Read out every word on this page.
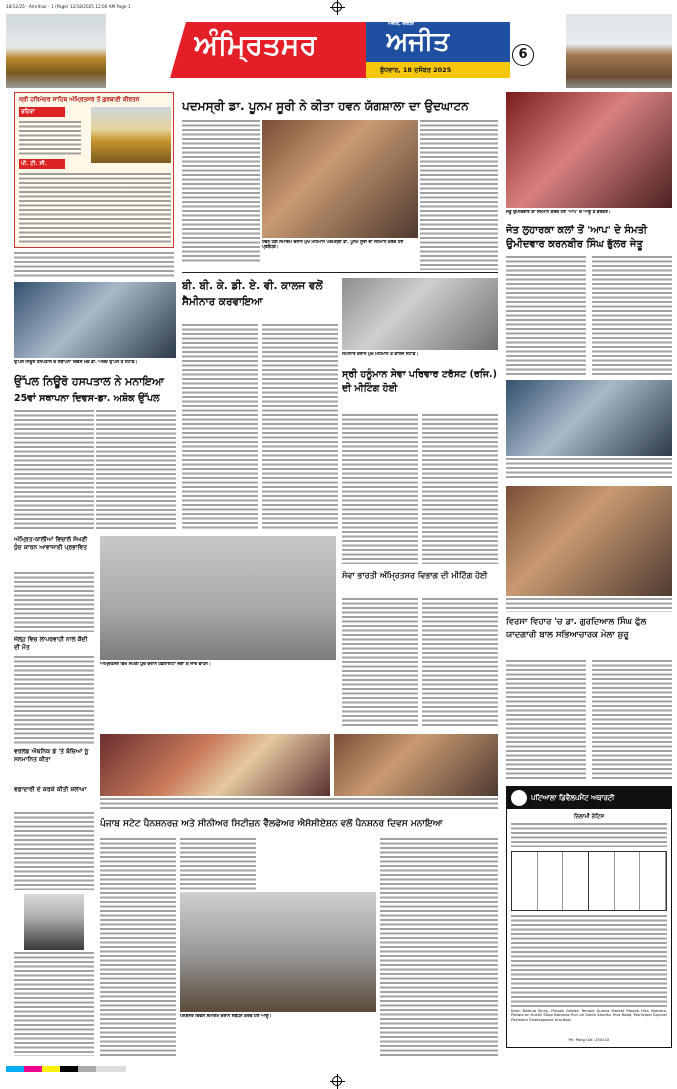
18/12/25 - Amritsar - 1 (Page) 12/18/2025 12:00 AM Page 1
ਅੰਮ੍ਰਿਤਸਰ	ਅਜੀਤ
ਅਜੀਤ, ਜਲੰਧਰ
ਬੁੱਧਵਾਰ, 18 ਦਸੰਬਰ 2025
6
ਸ੍ਰੀ ਹਰਿਮੰਦਰ ਸਾਹਿਬ ਅੰਮ੍ਰਿਤਸਰ ਤੋਂ ਗੁਰਬਾਣੀ ਕੀਰਤਨ
ਰਹਿਰਾ
ਪੀ. ਟੀ. ਸੀ.
ਪਦਮਸ੍ਰੀ ਡਾ. ਪੂਨਮ ਸੂਰੀ ਨੇ ਕੀਤਾ ਹਵਨ ਯੱਗਸ਼ਾਲਾ ਦਾ ਉਦਘਾਟਨ
ਹਵਨ ਯੱਗ ਸਮਾਗਮ ਦੌਰਾਨ ਮੁੱਖ ਮਹਿਮਾਨ ਪਦਮਸ੍ਰੀ ਡਾ. ਪੂਨਮ ਸੂਰੀ ਦਾ ਸਨਮਾਨ ਕਰਦੇ ਹੋਏ ਪ੍ਰਬੰਧਕ।
ਜੇਤੂ ਉਮੀਦਵਾਰ ਦਾ ਸਨਮਾਨ ਕਰਦੇ ਹੋਏ 'ਆਪ' ਦੇ ਆਗੂ ਤੇ ਵਰਕਰ।
ਜੋਤ ਲੁਹਾਰਕਾ ਕਲਾਂ ਤੋਂ 'ਆਪ' ਦੇ ਸੰਮਤੀ ਉਮੀਦਵਾਰ ਕਰਨਬੀਰ ਸਿੰਘ ਭੁੱਲਰ ਜੇਤੂ
ਉੱਪਲ ਨਿਊਰੋ ਹਸਪਤਾਲ ਦੇ ਸਥਾਪਨਾ ਦਿਵਸ ਮੌਕੇ ਡਾ. ਅਸ਼ੋਕ ਉੱਪਲ ਤੇ ਸਟਾਫ਼।
ਉੱਪਲ ਨਿਊਰੋ ਹਸਪਤਾਲ ਨੇ ਮਨਾਇਆ
25ਵਾਂ ਸਥਾਪਨਾ ਦਿਵਸ-ਡਾ. ਅਸ਼ੋਕ ਉੱਪਲ
ਬੀ. ਬੀ. ਕੇ. ਡੀ. ਏ. ਵੀ. ਕਾਲਜ ਵਲੋਂ ਸੈਮੀਨਾਰ ਕਰਵਾਇਆ
ਸੈਮੀਨਾਰ ਦੌਰਾਨ ਮੁੱਖ ਮਹਿਮਾਨ ਤੇ ਕਾਲਜ ਸਟਾਫ਼।
ਸ੍ਰੀ ਹਨੂੰਮਾਨ ਸੇਵਾ ਪਰਿਵਾਰ ਟਰੱਸਟ (ਰਜਿ.) ਦੀ ਮੀਟਿੰਗ ਹੋਈ
ਵਿਰਸਾ ਵਿਹਾਰ 'ਚ ਡਾ. ਗੁਰਦਿਆਲ ਸਿੰਘ ਫੁੱਲ ਯਾਦਗਾਰੀ ਬਾਲ ਸਭਿਆਚਾਰਕ ਮੇਲਾ ਸ਼ੁਰੂ
ਅੰਮ੍ਰਿਤ-ਕਾਲੀਆਂ ਵਿਚਾਲੇ ਸੰਘਣੀ ਧੁੰਦ ਕਾਰਨ ਆਵਾਜਾਈ ਪ੍ਰਭਾਵਿਤ
ਅੰਮ੍ਰਿਤਸਰ ਵਿਖੇ ਸੰਘਣੀ ਧੁੰਦ ਦੌਰਾਨ ਹੈੱਡਲਾਈਟਾਂ ਜਗਾ ਕੇ ਜਾਂਦੇ ਵਾਹਨ।
ਸੇਵਾ ਭਾਰਤੀ ਅੰਮ੍ਰਿਤਸਰ ਵਿਭਾਗ ਦੀ ਮੀਟਿੰਗ ਹੋਈ
ਜੇਲ੍ਹ ਵਿਚ ਲਾਪਰਵਾਹੀ ਨਾਲ ਕੈਦੀ ਦੀ ਮੌਤ
ਵਰਲਡ ਐਥਨਿਕ ਡੇ 'ਤੇ ਬੱਚਿਆਂ ਨੂੰ ਸਨਮਾਨਿਤ ਕੀਤਾ
ਪੰਜਾਬ ਸਟੇਟ ਪੈਨਸ਼ਨਰਜ਼ ਅਤੇ ਸੀਨੀਅਰ ਸਿਟੀਜ਼ਨ ਵੈੱਲਫੇਅਰ ਐਸੋਸੀਏਸ਼ਨ ਵਲੋਂ ਪੈਨਸ਼ਨਰ ਦਿਵਸ ਮਨਾਇਆ
ਪੈਨਸ਼ਨਰ ਦਿਵਸ ਸਮਾਗਮ ਦੌਰਾਨ ਸੰਬੋਧਨ ਕਰਦੇ ਹੋਏ ਆਗੂ।
ਵਫ਼ਾਦਾਰੀ ਦੇ ਕਰਕੇ ਕੀਤੀ ਸ਼ਲਾਘਾ
ਪਟਿਆਲਾ ਡਿਵੈਲਪਮੈਂਟ ਅਥਾਰਟੀ
ਨਿਲਾਮੀ ਨੋਟਿਸ
Kahn Bathua Stray, Panjab Golden Temple Aurora Market Panjab Hira Hamara, Patiala on Sushil Shop Banaras Puri on Sahib Sandhu Hira Road, Municipal Gujarat Pakistani Shakespeare Amritsar
Ph: Pang Gal: 250142
